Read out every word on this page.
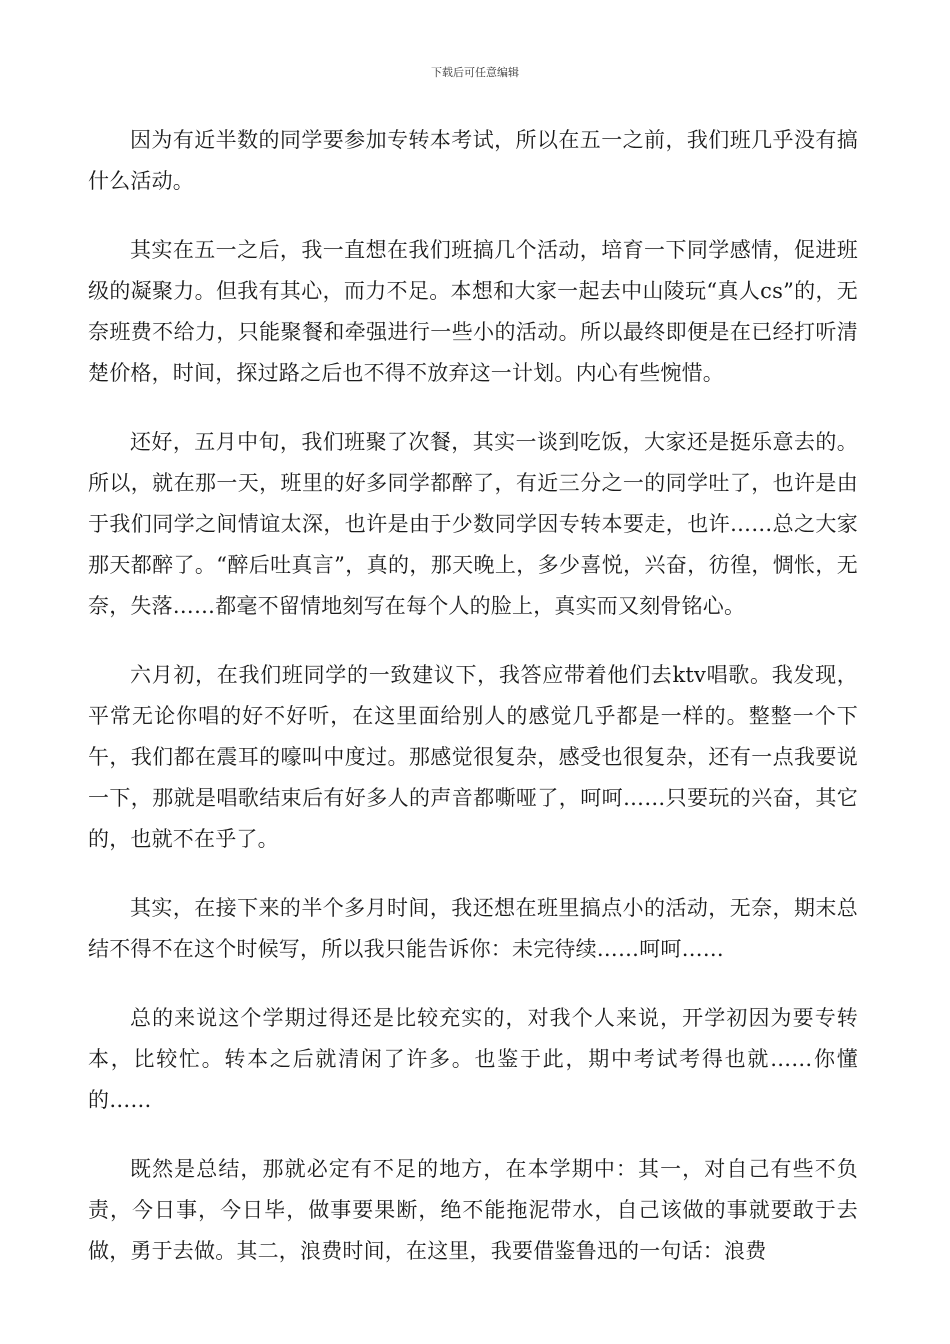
下载后可任意编辑

因为有近半数的同学要参加专转本考试，所以在五一之前，我们班几乎没有搞什么活动。

其实在五一之后，我一直想在我们班搞几个活动，培育一下同学感情，促进班级的凝聚力。但我有其心，而力不足。本想和大家一起去中山陵玩“真人cs”的，无奈班费不给力，只能聚餐和牵强进行一些小的活动。所以最终即便是在已经打听清楚价格，时间，探过路之后也不得不放弃这一计划。内心有些惋惜。

还好，五月中旬，我们班聚了次餐，其实一谈到吃饭，大家还是挺乐意去的。所以，就在那一天，班里的好多同学都醉了，有近三分之一的同学吐了，也许是由于我们同学之间情谊太深，也许是由于少数同学因专转本要走，也许……总之大家那天都醉了。“醉后吐真言”，真的，那天晚上，多少喜悦，兴奋，彷徨，惆怅，无奈，失落……都毫不留情地刻写在每个人的脸上，真实而又刻骨铭心。

六月初，在我们班同学的一致建议下，我答应带着他们去ktv唱歌。我发现，平常无论你唱的好不好听，在这里面给别人的感觉几乎都是一样的。整整一个下午，我们都在震耳的嚎叫中度过。那感觉很复杂，感受也很复杂，还有一点我要说一下，那就是唱歌结束后有好多人的声音都嘶哑了，呵呵……只要玩的兴奋，其它的，也就不在乎了。

其实，在接下来的半个多月时间，我还想在班里搞点小的活动，无奈，期末总结不得不在这个时候写，所以我只能告诉你：未完待续……呵呵……

总的来说这个学期过得还是比较充实的，对我个人来说，开学初因为要专转本，比较忙。转本之后就清闲了许多。也鉴于此，期中考试考得也就……你懂的……

既然是总结，那就必定有不足的地方，在本学期中：其一，对自己有些不负责，今日事，今日毕，做事要果断，绝不能拖泥带水，自己该做的事就要敢于去做，勇于去做。其二，浪费时间，在这里，我要借鉴鲁迅的一句话：浪费
